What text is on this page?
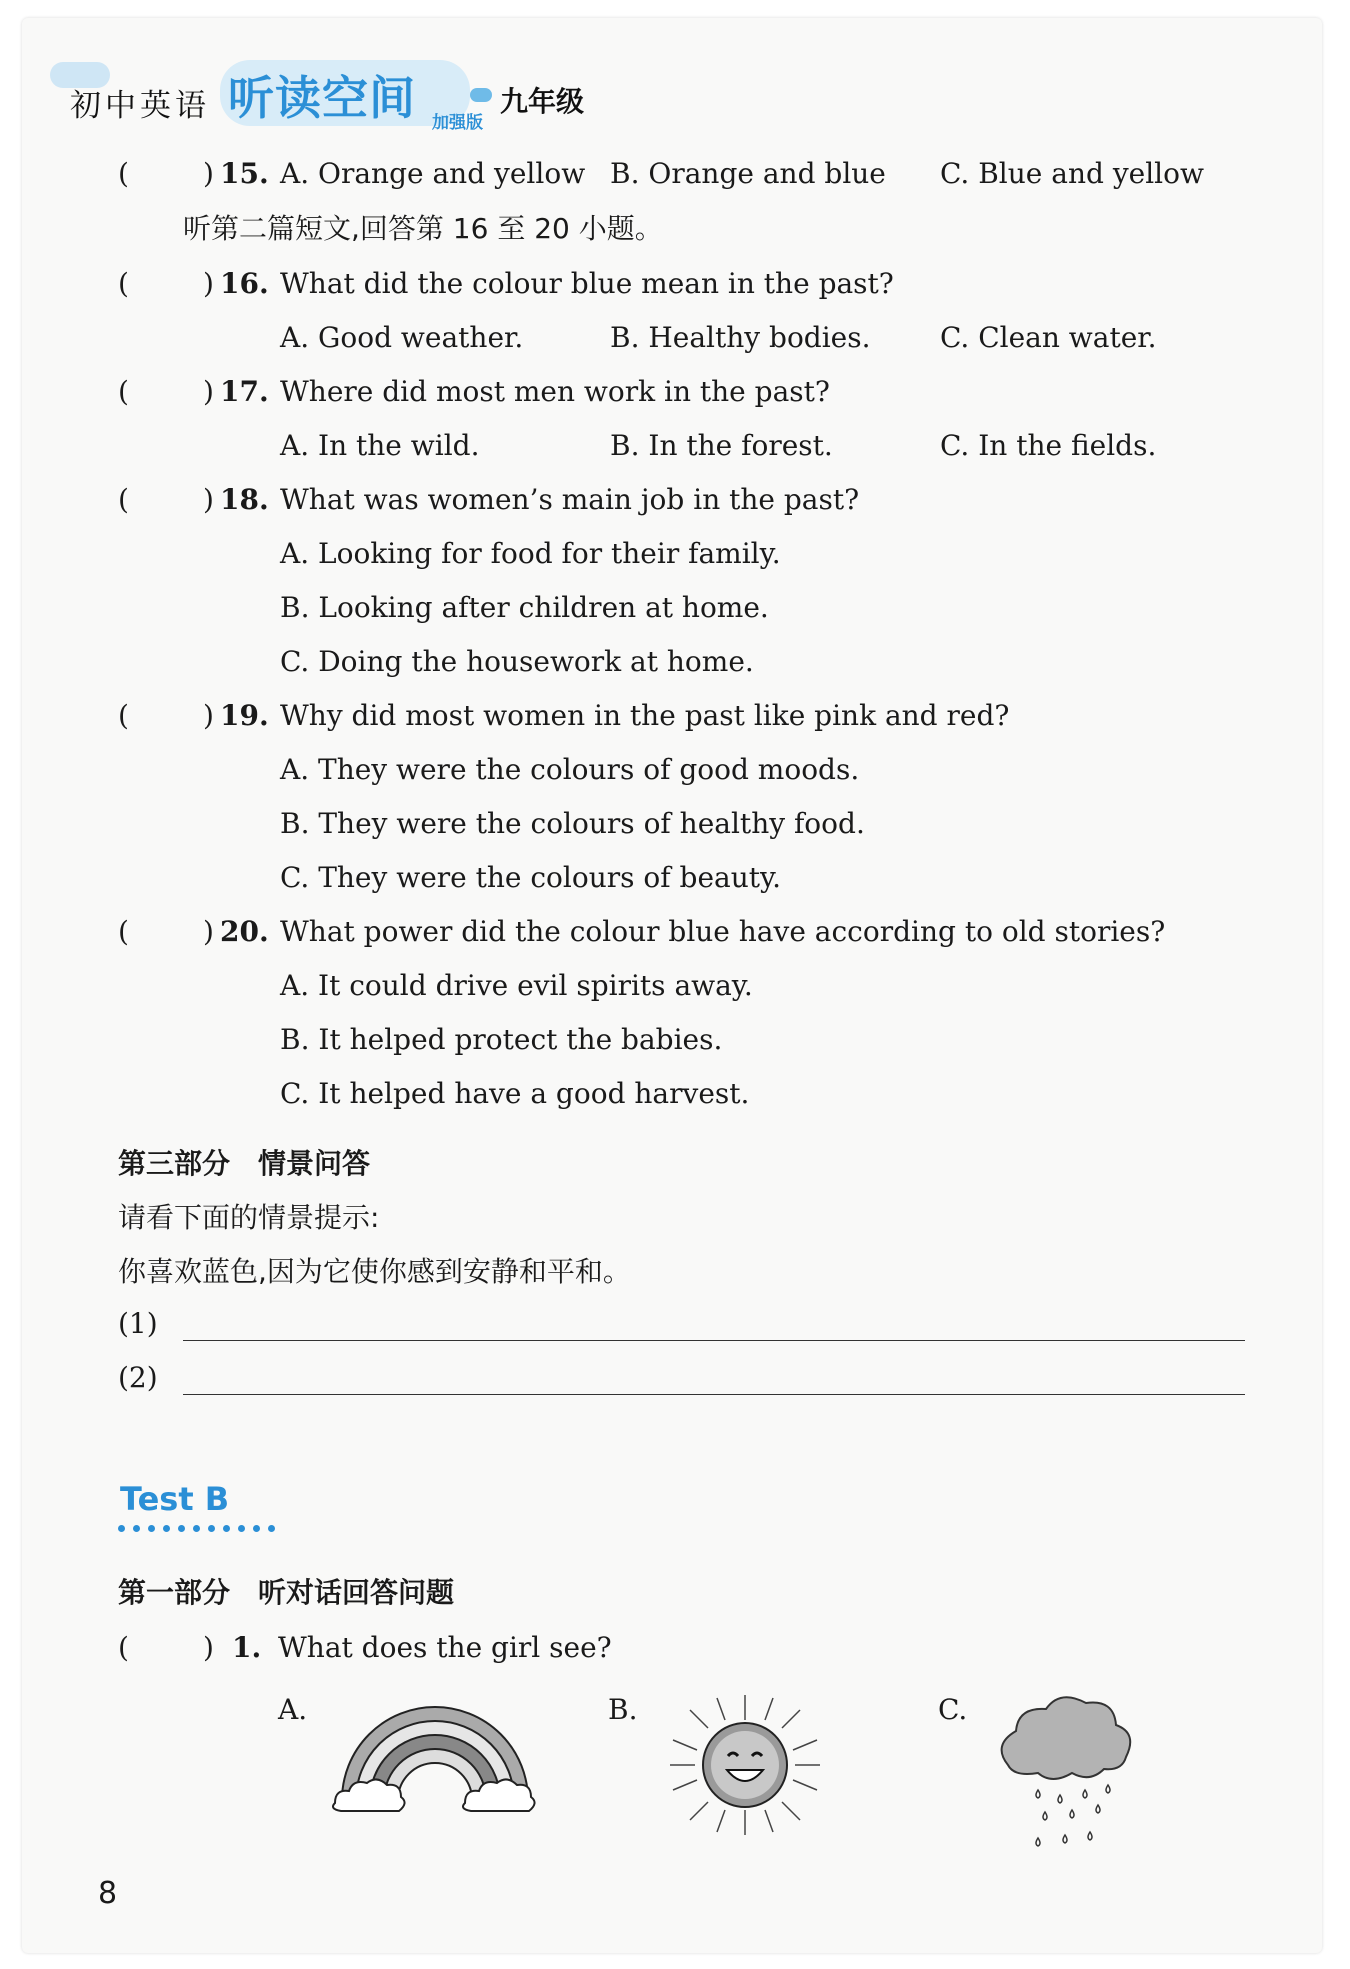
初中英语 听读空间 加强版
九年级
(	) 15. A. Orange and yellow B. Orange and blue C. Blue and yellow
听第二篇短文,回答第 16 至 20 小题。
(	) 16. What did the colour blue mean in the past?
A. Good weather.	B. Healthy bodies. C. Clean water.
(	) 17. Where did most men work in the past?
A. In the wild.	B. In the forest.	C. In the fields.
(	) 18. What was women’s main job in the past?
A. Looking for food for their family.
B. Looking after children at home.
C. Doing the housework at home.
(	) 19. Why did most women in the past like pink and red?
A. They were the colours of good moods.
B. They were the colours of healthy food.
C. They were the colours of beauty.
(	) 20. What power did the colour blue have according to old stories?
A. It could drive evil spirits away.
B. It helped protect the babies.
C. It helped have a good harvest.
第三部分　情景问答
请看下面的情景提示:
你喜欢蓝色,因为它使你感到安静和平和。
(1)
(2)
Test B
第一部分　听对话回答问题
(	) 1. What does the girl see?
A.	B.	C.
8
